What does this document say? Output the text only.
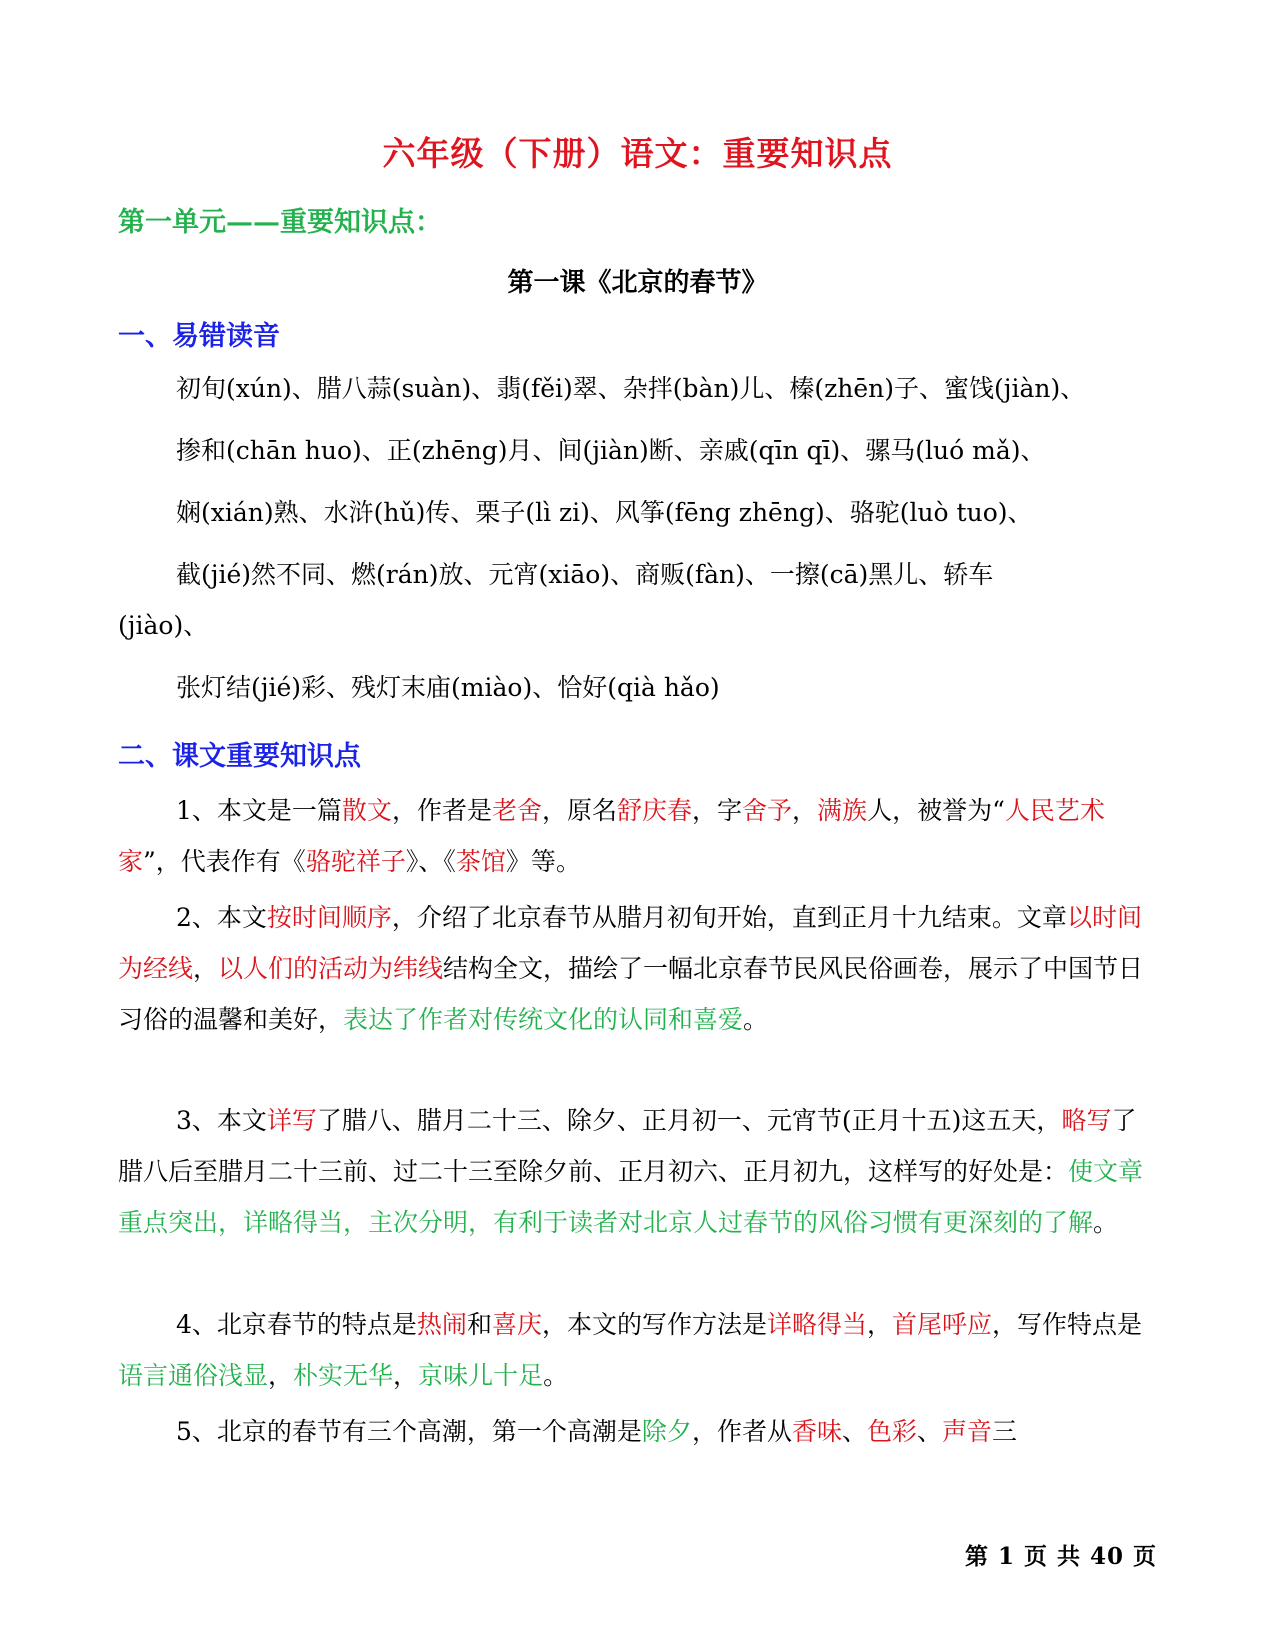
六年级（下册）语文：重要知识点
第一单元——重要知识点：
第一课《北京的春节》
一、易错读音
初旬(xún)、腊八蒜(suàn)、翡(fěi)翠、杂拌(bàn)儿、榛(zhēn)子、蜜饯(jiàn)、
掺和(chān huo)、正(zhēng)月、间(jiàn)断、亲戚(qīn qī)、骡马(luó mǎ)、
娴(xián)熟、水浒(hǔ)传、栗子(lì zi)、风筝(fēng zhēng)、骆驼(luò tuo)、
截(jié)然不同、燃(rán)放、元宵(xiāo)、商贩(fàn)、一擦(cā)黑儿、轿车
(jiào)、
张灯结(jié)彩、残灯末庙(miào)、恰好(qià hǎo)
二、课文重要知识点
1、本文是一篇散文，作者是老舍，原名舒庆春，字舍予，满族人，被誉为“人民艺术家”，代表作有《骆驼祥子》、《茶馆》等。
2、本文按时间顺序，介绍了北京春节从腊月初旬开始，直到正月十九结束。文章以时间为经线，以人们的活动为纬线结构全文，描绘了一幅北京春节民风民俗画卷，展示了中国节日习俗的温馨和美好，表达了作者对传统文化的认同和喜爱。
3、本文详写了腊八、腊月二十三、除夕、正月初一、元宵节(正月十五)这五天，略写了腊八后至腊月二十三前、过二十三至除夕前、正月初六、正月初九，这样写的好处是：使文章重点突出，详略得当，主次分明，有利于读者对北京人过春节的风俗习惯有更深刻的了解。
4、北京春节的特点是热闹和喜庆，本文的写作方法是详略得当，首尾呼应，写作特点是语言通俗浅显，朴实无华，京味儿十足。
5、北京的春节有三个高潮，第一个高潮是除夕，作者从香味、色彩、声音三
第 1 页 共 40 页
